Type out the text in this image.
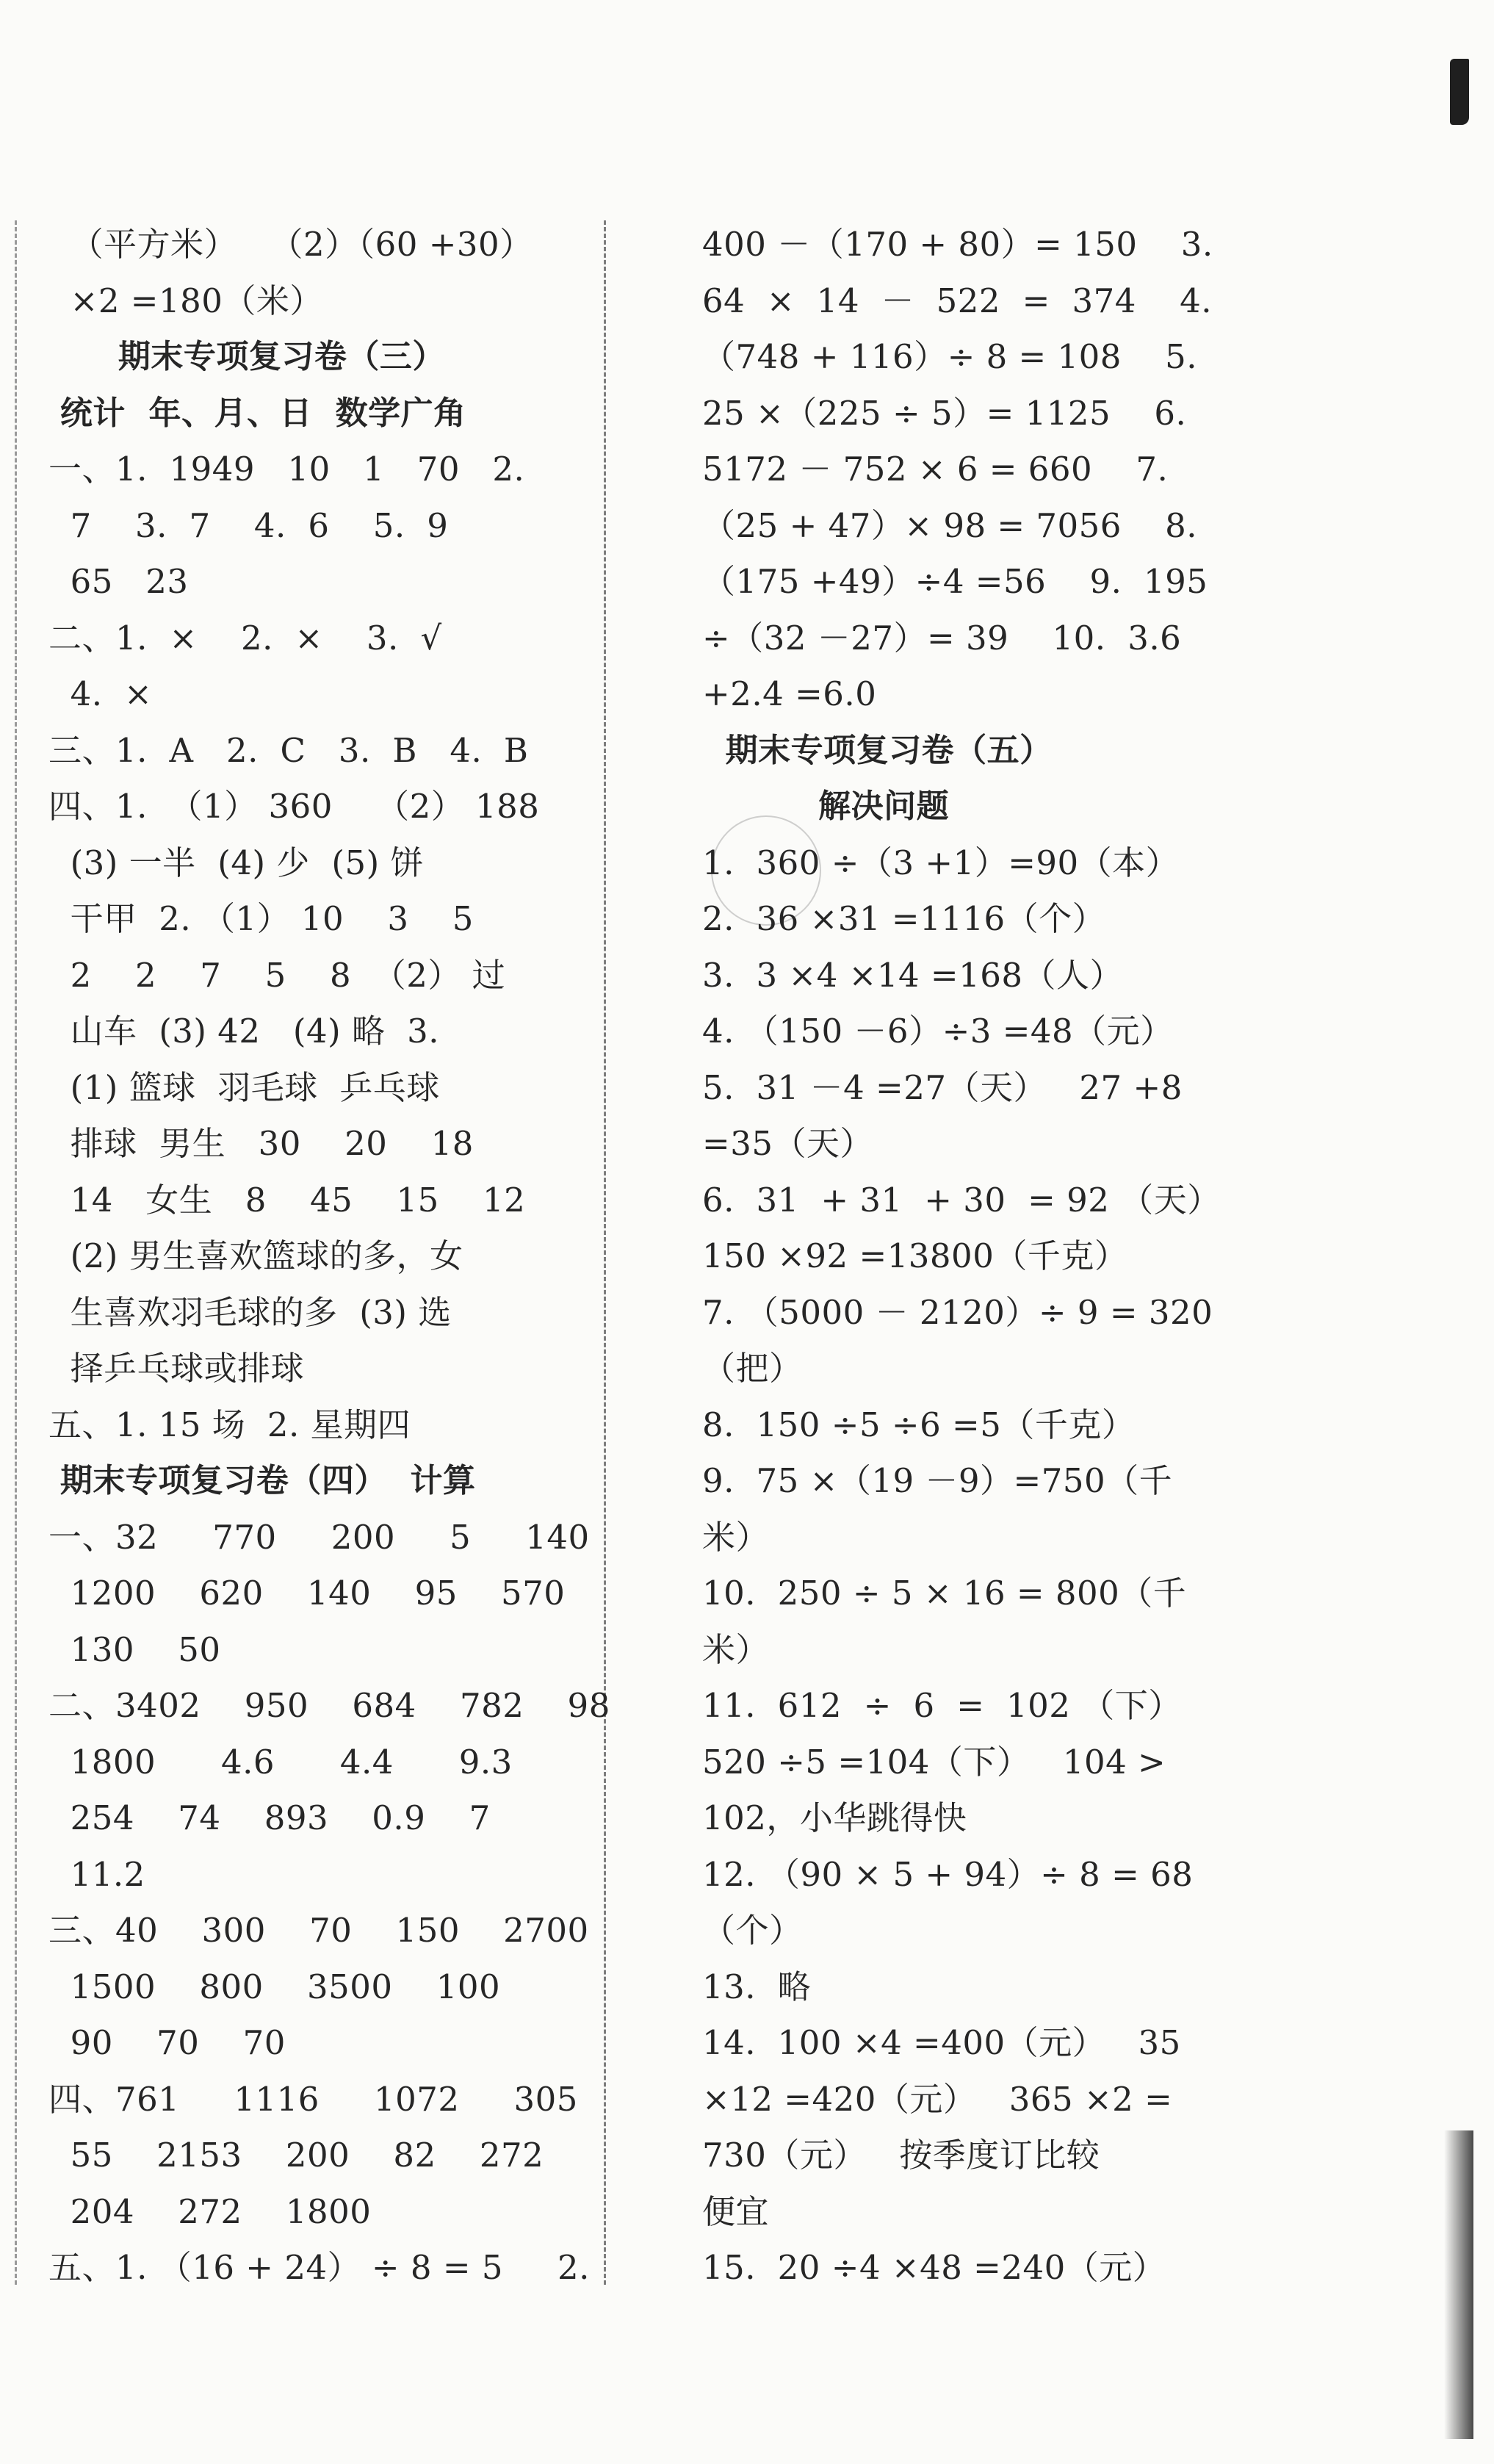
（平方米）   （2）（60 +30）
×2 =180（米）
期末专项复习卷（三）
统计  年、月、日  数学广角
一、1.  1949   10   1   70   2.
7    3.  7    4.  6    5.  9
65   23
二、1.  ×    2.  ×    3.  √
4.  ×
三、1.  A   2.  C   3.  B   4.  B
四、1.  （1） 360    （2） 188
(3) 一半  (4) 少  (5) 饼
干甲  2. （1） 10    3    5
2    2    7    5    8  （2） 过
山车  (3) 42   (4) 略  3.
(1) 篮球  羽毛球  乒乓球
排球  男生   30    20    18
14   女生   8    45    15    12
(2) 男生喜欢篮球的多，女
生喜欢羽毛球的多  (3) 选
择乒乓球或排球
五、1. 15 场  2. 星期四
期末专项复习卷（四）  计算
一、32     770     200     5     140
1200    620    140    95    570
130    50
二、3402    950    684    782    98
1800      4.6      4.4      9.3
254    74    893    0.9    7
11.2
三、40    300    70    150    2700
1500    800    3500    100
90    70    70
四、761     1116     1072     305
55    2153    200    82    272
204    272    1800
五、1. （16 + 24） ÷ 8 = 5     2.
400 －（170 + 80）= 150    3.
64  ×  14  －  522  =  374    4.
（748 + 116）÷ 8 = 108    5.
25 ×（225 ÷ 5）= 1125    6.
5172 － 752 × 6 = 660    7.
（25 + 47）× 98 = 7056    8.
（175 +49）÷4 =56    9.  195
÷（32 －27）= 39    10.  3.6
+2.4 =6.0
期末专项复习卷（五）
解决问题
1.  360 ÷（3 +1）=90（本）
2.  36 ×31 =1116（个）
3.  3 ×4 ×14 =168（人）
4. （150 －6）÷3 =48（元）
5.  31 －4 =27（天）   27 +8
=35（天）
6.  31  + 31  + 30  = 92 （天）
150 ×92 =13800（千克）
7. （5000 － 2120）÷ 9 = 320
（把）
8.  150 ÷5 ÷6 =5（千克）
9.  75 ×（19 －9）=750（千
米）
10.  250 ÷ 5 × 16 = 800（千
米）
11.  612  ÷  6  =  102 （下）
520 ÷5 =104（下）   104 >
102，小华跳得快
12. （90 × 5 + 94）÷ 8 = 68
（个）
13.  略
14.  100 ×4 =400（元）   35
×12 =420（元）   365 ×2 =
730（元）   按季度订比较
便宜
15.  20 ÷4 ×48 =240（元）
